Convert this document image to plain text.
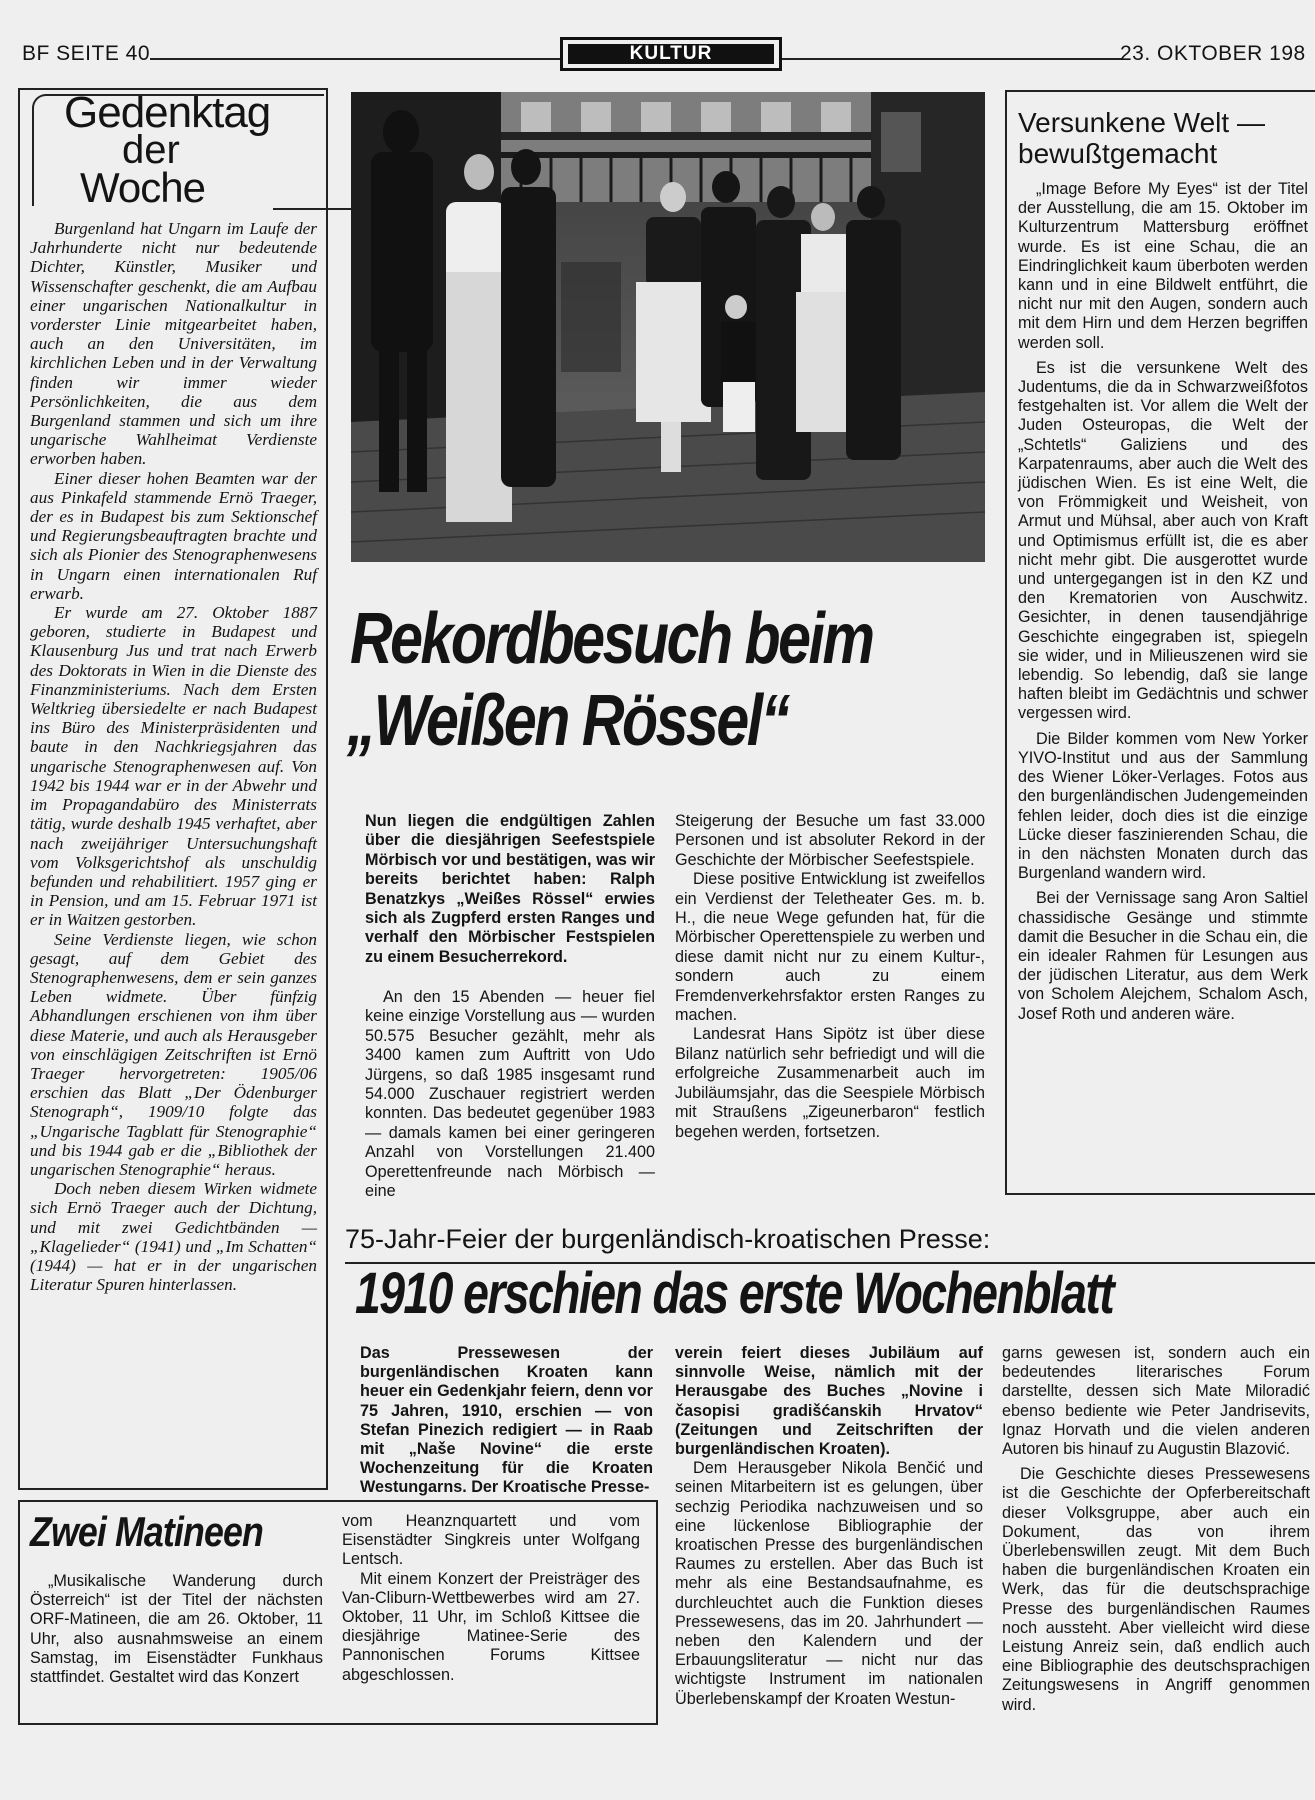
BF SEITE 40	KULTUR	23. OKTOBER 198
Gedenktag
der
Woche

Burgenland hat Ungarn im Laufe der Jahrhunderte nicht nur bedeutende Dichter, Künstler, Musiker und Wissenschafter geschenkt, die am Aufbau einer ungarischen Nationalkultur in vorderster Linie mitgearbeitet haben, auch an den Universitäten, im kirchlichen Leben und in der Verwaltung finden wir immer wieder Persönlichkeiten, die aus dem Burgenland stammen und sich um ihre ungarische Wahlheimat Verdienste erworben haben.

Einer dieser hohen Beamten war der aus Pinkafeld stammende Ernö Traeger, der es in Budapest bis zum Sektionschef und Regierungsbeauftragten brachte und sich als Pionier des Stenographenwesens in Ungarn einen internationalen Ruf erwarb.

Er wurde am 27. Oktober 1887 geboren, studierte in Budapest und Klausenburg Jus und trat nach Erwerb des Doktorats in Wien in die Dienste des Finanzministeriums. Nach dem Ersten Weltkrieg übersiedelte er nach Budapest ins Büro des Ministerpräsidenten und baute in den Nachkriegsjahren das ungarische Stenographenwesen auf. Von 1942 bis 1944 war er in der Abwehr und im Propagandabüro des Ministerrats tätig, wurde deshalb 1945 verhaftet, aber nach zweijähriger Untersuchungshaft vom Volksgerichtshof als unschuldig befunden und rehabilitiert. 1957 ging er in Pension, und am 15. Februar 1971 ist er in Waitzen gestorben.

Seine Verdienste liegen, wie schon gesagt, auf dem Gebiet des Stenographenwesens, dem er sein ganzes Leben widmete. Über fünfzig Abhandlungen erschienen von ihm über diese Materie, und auch als Herausgeber von einschlägigen Zeitschriften ist Ernö Traeger hervorgetreten: 1905/06 erschien das Blatt „Der Ödenburger Stenograph“, 1909/10 folgte das „Ungarische Tagblatt für Stenographie“ und bis 1944 gab er die „Bibliothek der ungarischen Stenographie“ heraus.

Doch neben diesem Wirken widmete sich Ernö Traeger auch der Dichtung, und mit zwei Gedichtbänden — „Klagelieder“ (1941) und „Im Schatten“ (1944) — hat er in der ungarischen Literatur Spuren hinterlassen.

Rekordbesuch beim
„Weißen Rössel“
Nun liegen die endgültigen Zahlen über die diesjährigen Seefestspiele Mörbisch vor und bestätigen, was wir bereits berichtet haben: Ralph Benatzkys „Weißes Rössel“ erwies sich als Zugpferd ersten Ranges und verhalf den Mörbischer Festspielen zu einem Besucherrekord.

An den 15 Abenden — heuer fiel keine einzige Vorstellung aus — wurden 50.575 Besucher gezählt, mehr als 3400 kamen zum Auftritt von Udo Jürgens, so daß 1985 insgesamt rund 54.000 Zuschauer registriert werden konnten. Das bedeutet gegenüber 1983 — damals kamen bei einer geringeren Anzahl von Vorstellungen 21.400 Operettenfreunde nach Mörbisch — eine

Steigerung der Besuche um fast 33.000 Personen und ist absoluter Rekord in der Geschichte der Mörbischer Seefestspiele.

Diese positive Entwicklung ist zweifellos ein Verdienst der Teletheater Ges. m. b. H., die neue Wege gefunden hat, für die Mörbischer Operettenspiele zu werben und diese damit nicht nur zu einem Kultur-, sondern auch zu einem Fremdenverkehrsfaktor ersten Ranges zu machen.

Landesrat Hans Sipötz ist über diese Bilanz natürlich sehr befriedigt und will die erfolgreiche Zusammenarbeit auch im Jubiläumsjahr, das die Seespiele Mörbisch mit Straußens „Zigeunerbaron“ festlich begehen werden, fortsetzen.

Versunkene Welt —
bewußtgemacht

„Image Before My Eyes“ ist der Titel der Ausstellung, die am 15. Oktober im Kulturzentrum Mattersburg eröffnet wurde. Es ist eine Schau, die an Eindringlichkeit kaum überboten werden kann und in eine Bildwelt entführt, die nicht nur mit den Augen, sondern auch mit dem Hirn und dem Herzen begriffen werden soll.

Es ist die versunkene Welt des Judentums, die da in Schwarzweißfotos festgehalten ist. Vor allem die Welt der Juden Osteuropas, die Welt der „Schtetls“ Galiziens und des Karpatenraums, aber auch die Welt des jüdischen Wien. Es ist eine Welt, die von Frömmigkeit und Weisheit, von Armut und Mühsal, aber auch von Kraft und Optimismus erfüllt ist, die es aber nicht mehr gibt. Die ausgerottet wurde und untergegangen ist in den KZ und den Krematorien von Auschwitz. Gesichter, in denen tausendjährige Geschichte eingegraben ist, spiegeln sie wider, und in Milieuszenen wird sie lebendig. So lebendig, daß sie lange haften bleibt im Gedächtnis und schwer vergessen wird.

Die Bilder kommen vom New Yorker YIVO-Institut und aus der Sammlung des Wiener Löker-Verlages. Fotos aus den burgenländischen Judengemeinden fehlen leider, doch dies ist die einzige Lücke dieser faszinierenden Schau, die in den nächsten Monaten durch das Burgenland wandern wird.

Bei der Vernissage sang Aron Saltiel chassidische Gesänge und stimmte damit die Besucher in die Schau ein, die ein idealer Rahmen für Lesungen aus der jüdischen Literatur, aus dem Werk von Scholem Alejchem, Schalom Asch, Josef Roth und anderen wäre.

75-Jahr-Feier der burgenländisch-kroatischen Presse:
1910 erschien das erste Wochenblatt
Das Pressewesen der burgenländischen Kroaten kann heuer ein Gedenkjahr feiern, denn vor 75 Jahren, 1910, erschien — von Stefan Pinezich redigiert — in Raab mit „Naše Novine“ die erste Wochenzeitung für die Kroaten Westungarns. Der Kroatische Presse-

verein feiert dieses Jubiläum auf sinnvolle Weise, nämlich mit der Herausgabe des Buches „Novine i časopisi gradišćanskih Hrvatov“ (Zeitungen und Zeitschriften der burgenländischen Kroaten).

Dem Herausgeber Nikola Benčić und seinen Mitarbeitern ist es gelungen, über sechzig Periodika nachzuweisen und so eine lückenlose Bibliographie der kroatischen Presse des burgenländischen Raumes zu erstellen. Aber das Buch ist mehr als eine Bestandsaufnahme, es durchleuchtet auch die Funktion dieses Pressewesens, das im 20. Jahrhundert — neben den Kalendern und der Erbauungsliteratur — nicht nur das wichtigste Instrument im nationalen Überlebenskampf der Kroaten Westun-

garns gewesen ist, sondern auch ein bedeutendes literarisches Forum darstellte, dessen sich Mate Miloradić ebenso bediente wie Peter Jandrisevits, Ignaz Horvath und die vielen anderen Autoren bis hinauf zu Augustin Blazović.

Die Geschichte dieses Pressewesens ist die Geschichte der Opferbereitschaft dieser Volksgruppe, aber auch ein Dokument, das von ihrem Überlebenswillen zeugt. Mit dem Buch haben die burgenländischen Kroaten ein Werk, das für die deutschsprachige Presse des burgenländischen Raumes noch aussteht. Aber vielleicht wird diese Leistung Anreiz sein, daß endlich auch eine Bibliographie des deutschsprachigen Zeitungswesens in Angriff genommen wird.

Zwei Matineen

„Musikalische Wanderung durch Österreich“ ist der Titel der nächsten ORF-Matineen, die am 26. Oktober, 11 Uhr, also ausnahmsweise an einem Samstag, im Eisenstädter Funkhaus stattfindet. Gestaltet wird das Konzert

vom Heanznquartett und vom Eisenstädter Singkreis unter Wolfgang Lentsch.

Mit einem Konzert der Preisträger des Van-Cliburn-Wettbewerbes wird am 27. Oktober, 11 Uhr, im Schloß Kittsee die diesjährige Matinee-Serie des Pannonischen Forums Kittsee abgeschlossen.
